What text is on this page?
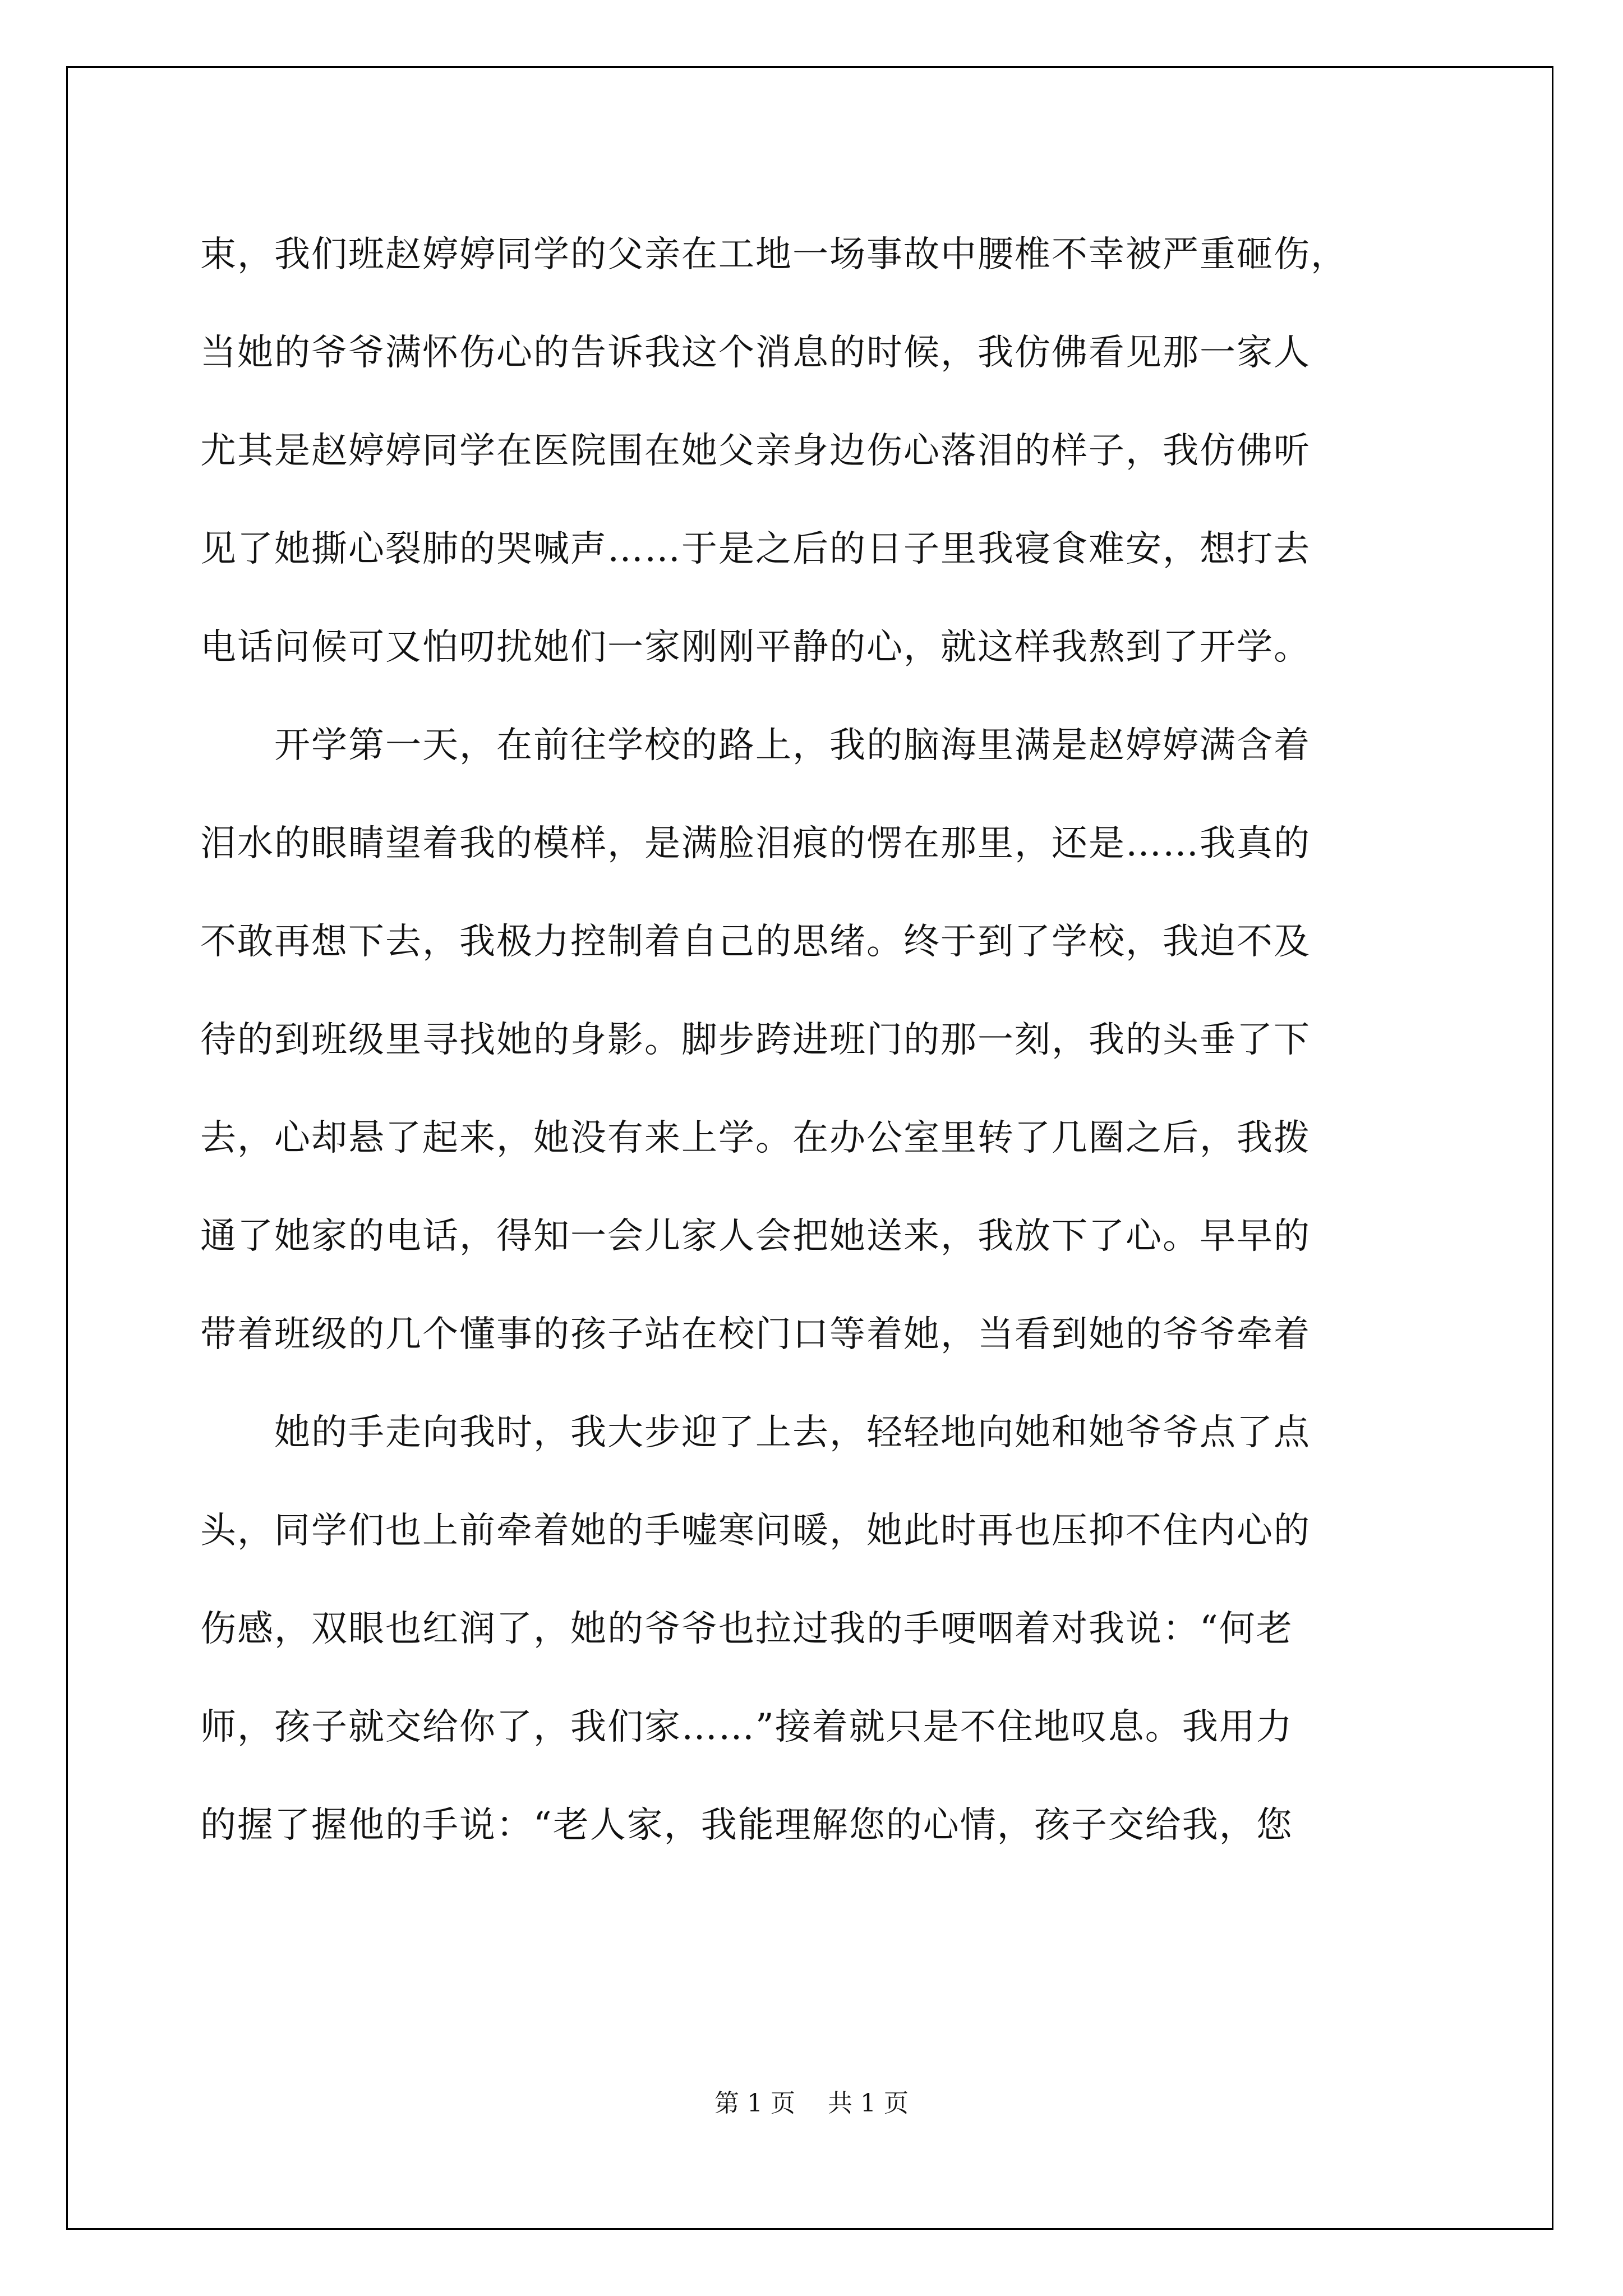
束，我们班赵婷婷同学的父亲在工地一场事故中腰椎不幸被严重砸伤，
当她的爷爷满怀伤心的告诉我这个消息的时候，我仿佛看见那一家人
尤其是赵婷婷同学在医院围在她父亲身边伤心落泪的样子，我仿佛听
见了她撕心裂肺的哭喊声……于是之后的日子里我寝食难安，想打去
电话问候可又怕叨扰她们一家刚刚平静的心，就这样我熬到了开学。
　　开学第一天，在前往学校的路上，我的脑海里满是赵婷婷满含着
泪水的眼睛望着我的模样，是满脸泪痕的愣在那里，还是……我真的
不敢再想下去，我极力控制着自己的思绪。终于到了学校，我迫不及
待的到班级里寻找她的身影。脚步跨进班门的那一刻，我的头垂了下
去，心却悬了起来，她没有来上学。在办公室里转了几圈之后，我拨
通了她家的电话，得知一会儿家人会把她送来，我放下了心。早早的
带着班级的几个懂事的孩子站在校门口等着她，当看到她的爷爷牵着
　　她的手走向我时，我大步迎了上去，轻轻地向她和她爷爷点了点
头，同学们也上前牵着她的手嘘寒问暖，她此时再也压抑不住内心的
伤感，双眼也红润了，她的爷爷也拉过我的手哽咽着对我说：“何老
师，孩子就交给你了，我们家……”接着就只是不住地叹息。我用力
的握了握他的手说：“老人家，我能理解您的心情，孩子交给我，您
第 1 页　 共 1 页
